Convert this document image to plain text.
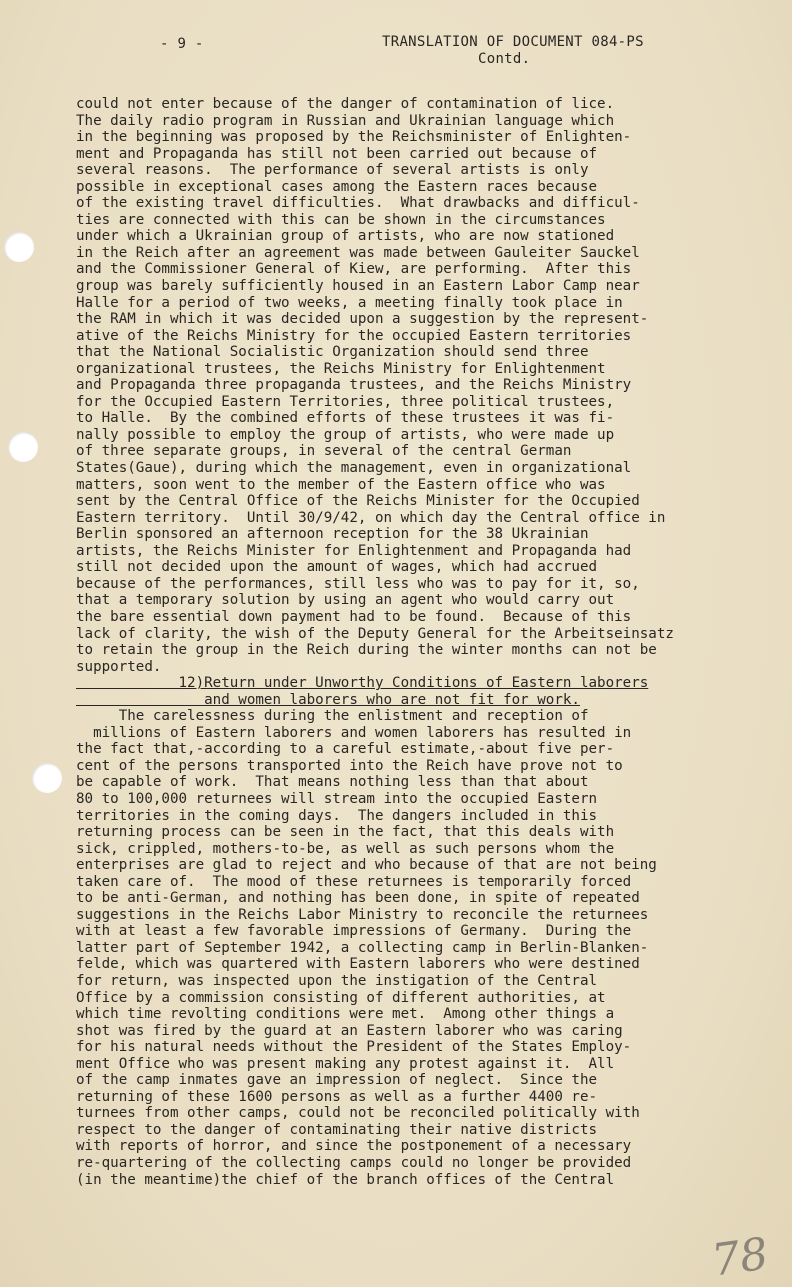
- 9 -	TRANSLATION OF DOCUMENT 084-PS
Contd.
could not enter because of the danger of contamination of lice.
The daily radio program in Russian and Ukrainian language which
in the beginning was proposed by the Reichsminister of Enlighten-
ment and Propaganda has still not been carried out because of
several reasons.  The performance of several artists is only
possible in exceptional cases among the Eastern races because
of the existing travel difficulties.  What drawbacks and difficul-
ties are connected with this can be shown in the circumstances
under which a Ukrainian group of artists, who are now stationed
in the Reich after an agreement was made between Gauleiter Sauckel
and the Commissioner General of Kiew, are performing.  After this
group was barely sufficiently housed in an Eastern Labor Camp near
Halle for a period of two weeks, a meeting finally took place in
the RAM in which it was decided upon a suggestion by the represent-
ative of the Reichs Ministry for the occupied Eastern territories
that the National Socialistic Organization should send three
organizational trustees, the Reichs Ministry for Enlightenment
and Propaganda three propaganda trustees, and the Reichs Ministry
for the Occupied Eastern Territories, three political trustees,
to Halle.  By the combined efforts of these trustees it was fi-
nally possible to employ the group of artists, who were made up
of three separate groups, in several of the central German
States(Gaue), during which the management, even in organizational
matters, soon went to the member of the Eastern office who was
sent by the Central Office of the Reichs Minister for the Occupied
Eastern territory.  Until 30/9/42, on which day the Central office in
Berlin sponsored an afternoon reception for the 38 Ukrainian
artists, the Reichs Minister for Enlightenment and Propaganda had
still not decided upon the amount of wages, which had accrued
because of the performances, still less who was to pay for it, so,
that a temporary solution by using an agent who would carry out
the bare essential down payment had to be found.  Because of this
lack of clarity, the wish of the Deputy General for the Arbeitseinsatz
to retain the group in the Reich during the winter months can not be
supported.
12)Return under Unworthy Conditions of Eastern laborers
and women laborers who are not fit for work.
The carelessness during the enlistment and reception of
millions of Eastern laborers and women laborers has resulted in
the fact that,-according to a careful estimate,-about five per-
cent of the persons transported into the Reich have prove not to
be capable of work.  That means nothing less than that about
80 to 100,000 returnees will stream into the occupied Eastern
territories in the coming days.  The dangers included in this
returning process can be seen in the fact, that this deals with
sick, crippled, mothers-to-be, as well as such persons whom the
enterprises are glad to reject and who because of that are not being
taken care of.  The mood of these returnees is temporarily forced
to be anti-German, and nothing has been done, in spite of repeated
suggestions in the Reichs Labor Ministry to reconcile the returnees
with at least a few favorable impressions of Germany.  During the
latter part of September 1942, a collecting camp in Berlin-Blanken-
felde, which was quartered with Eastern laborers who were destined
for return, was inspected upon the instigation of the Central
Office by a commission consisting of different authorities, at
which time revolting conditions were met.  Among other things a
shot was fired by the guard at an Eastern laborer who was caring
for his natural needs without the President of the States Employ-
ment Office who was present making any protest against it.  All
of the camp inmates gave an impression of neglect.  Since the
returning of these 1600 persons as well as a further 4400 re-
turnees from other camps, could not be reconciled politically with
respect to the danger of contaminating their native districts
with reports of horror, and since the postponement of a necessary
re-quartering of the collecting camps could no longer be provided
(in the meantime)the chief of the branch offices of the Central
78
